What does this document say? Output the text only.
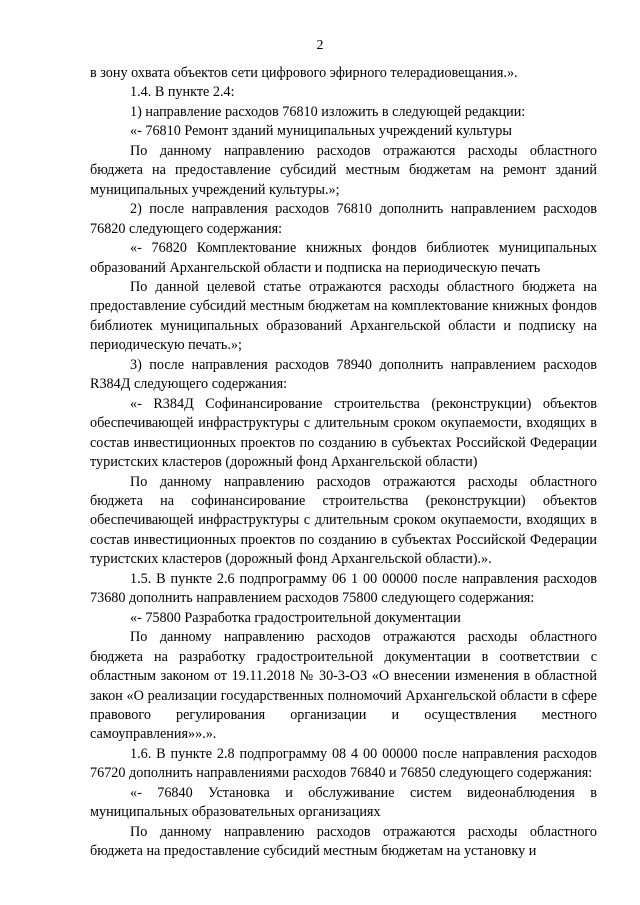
2

в зону охвата объектов сети цифрового эфирного телерадиовещания.».

1.4. В пункте 2.4:

1) направление расходов 76810 изложить в следующей редакции:

«- 76810 Ремонт зданий муниципальных учреждений культуры

По данному направлению расходов отражаются расходы областного бюджета на предоставление субсидий местным бюджетам на ремонт зданий муниципальных учреждений культуры.»;

2) после направления расходов 76810 дополнить направлением расходов 76820 следующего содержания:

«- 76820 Комплектование книжных фондов библиотек муниципальных образований Архангельской области и подписка на периодическую печать

По данной целевой статье отражаются расходы областного бюджета на предоставление субсидий местным бюджетам на комплектование книжных фондов библиотек муниципальных образований Архангельской области и подписку на периодическую печать.»;

3) после направления расходов 78940 дополнить направлением расходов R384Д следующего содержания:

«- R384Д Софинансирование строительства (реконструкции) объектов обеспечивающей инфраструктуры с длительным сроком окупаемости, входящих в состав инвестиционных проектов по созданию в субъектах Российской Федерации туристских кластеров (дорожный фонд Архангельской области)

По данному направлению расходов отражаются расходы областного бюджета на софинансирование строительства (реконструкции) объектов обеспечивающей инфраструктуры с длительным сроком окупаемости, входящих в состав инвестиционных проектов по созданию в субъектах Российской Федерации туристских кластеров (дорожный фонд Архангельской области).».

1.5. В пункте 2.6 подпрограмму 06 1 00 00000 после направления расходов 73680 дополнить направлением расходов 75800 следующего содержания:

«- 75800 Разработка градостроительной документации

По данному направлению расходов отражаются расходы областного бюджета на разработку градостроительной документации в соответствии с областным законом от 19.11.2018 № 30-3-ОЗ «О внесении изменения в областной закон «О реализации государственных полномочий Архангельской области в сфере правового регулирования организации и осуществления местного самоуправления»».».

1.6. В пункте 2.8 подпрограмму 08 4 00 00000 после направления расходов 76720 дополнить направлениями расходов 76840 и 76850 следующего содержания:

«- 76840 Установка и обслуживание систем видеонаблюдения в муниципальных образовательных организациях

По данному направлению расходов отражаются расходы областного бюджета на предоставление субсидий местным бюджетам на установку и
